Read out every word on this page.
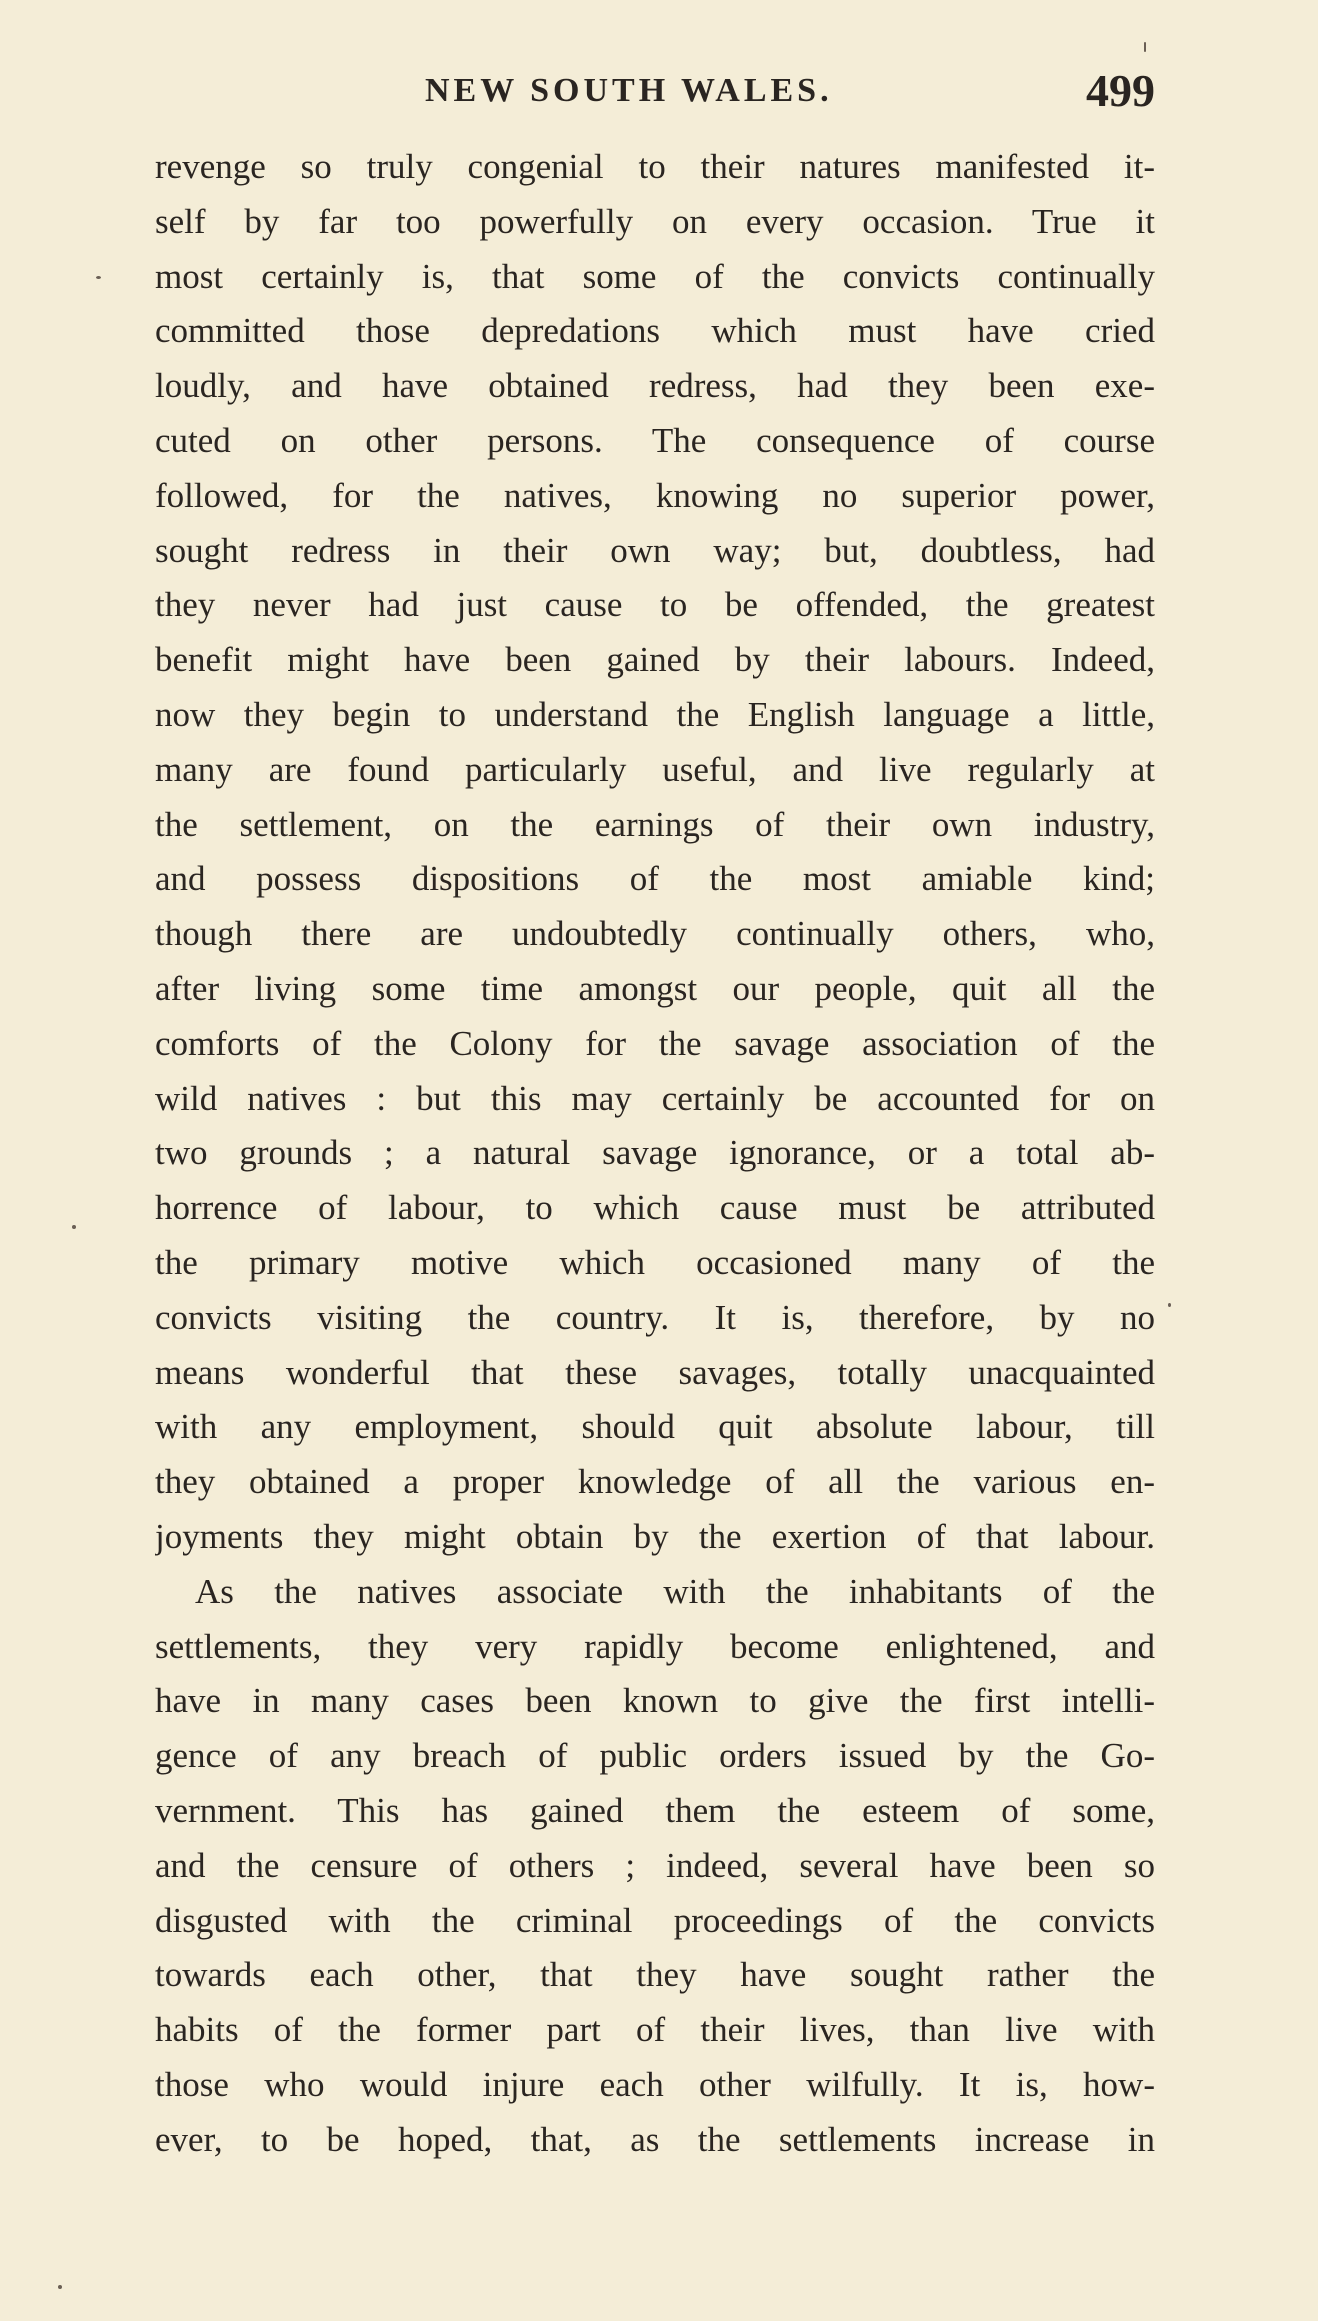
NEW SOUTH WALES.	499
revenge so truly congenial to their natures manifested it-
self by far too powerfully on every occasion. True it
most certainly is, that some of the convicts continually
committed those depredations which must have cried
loudly, and have obtained redress, had they been exe-
cuted on other persons. The consequence of course
followed, for the natives, knowing no superior power,
sought redress in their own way; but, doubtless, had
they never had just cause to be offended, the greatest
benefit might have been gained by their labours. Indeed,
now they begin to understand the English language a little,
many are found particularly useful, and live regularly at
the settlement, on the earnings of their own industry,
and possess dispositions of the most amiable kind;
though there are undoubtedly continually others, who,
after living some time amongst our people, quit all the
comforts of the Colony for the savage association of the
wild natives : but this may certainly be accounted for on
two grounds ; a natural savage ignorance, or a total ab-
horrence of labour, to which cause must be attributed
the primary motive which occasioned many of the
convicts visiting the country. It is, therefore, by no
means wonderful that these savages, totally unacquainted
with any employment, should quit absolute labour, till
they obtained a proper knowledge of all the various en-
joyments they might obtain by the exertion of that labour.
As the natives associate with the inhabitants of the
settlements, they very rapidly become enlightened, and
have in many cases been known to give the first intelli-
gence of any breach of public orders issued by the Go-
vernment. This has gained them the esteem of some,
and the censure of others ; indeed, several have been so
disgusted with the criminal proceedings of the convicts
towards each other, that they have sought rather the
habits of the former part of their lives, than live with
those who would injure each other wilfully. It is, how-
ever, to be hoped, that, as the settlements increase in
